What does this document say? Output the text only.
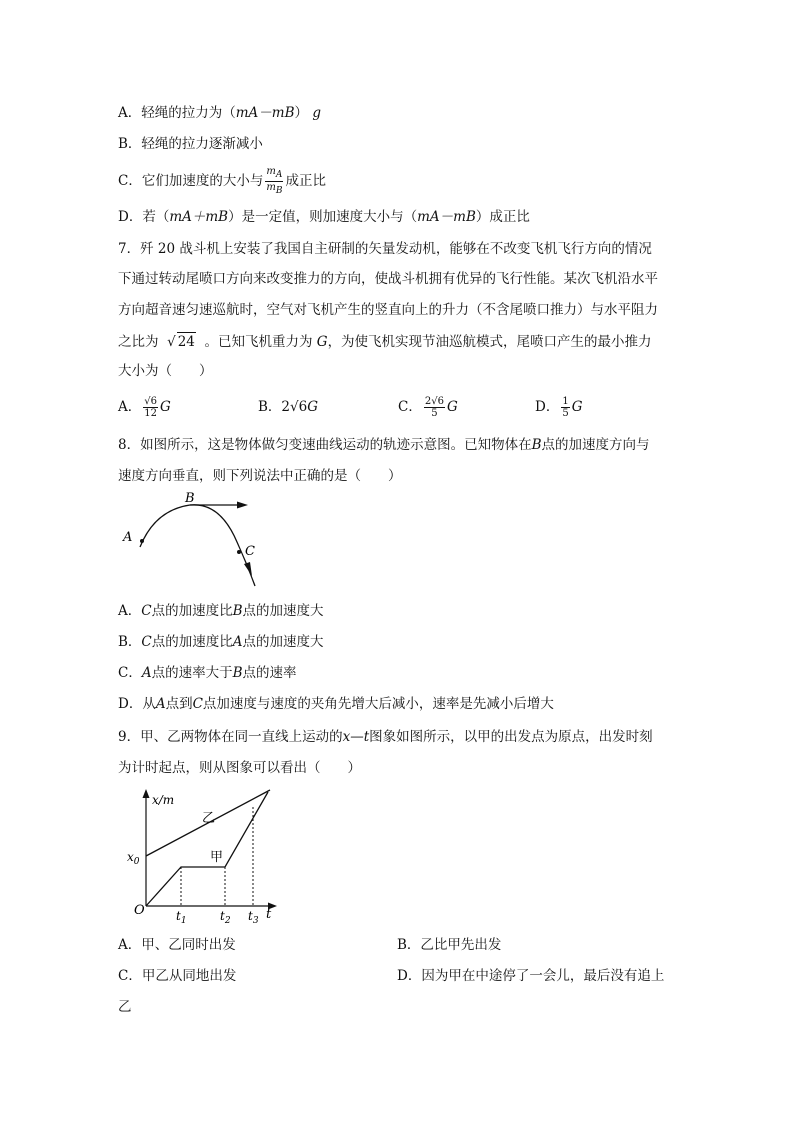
A．轻绳的拉力为（mA－mB） g
B．轻绳的拉力逐渐减小
C．它们加速度的大小与 $\frac{mA}{mB}$ 成正比
D．若（mA＋mB）是一定值，则加速度大小与（mA－mB）成正比
7．歼 20 战斗机上安装了我国自主研制的矢量发动机，能够在不改变飞机飞行方向的情况
下通过转动尾喷口方向来改变推力的方向，使战斗机拥有优异的飞行性能。某次飞机沿水平
方向超音速匀速巡航时，空气对飞机产生的竖直向上的升力（不含尾喷口推力）与水平阻力
之比为  √ 24 。已知飞机重力为 G，为使飞机实现节油巡航模式，尾喷口产生的最小推力
大小为（　　）
A． $\frac{√6}{12}$ G	B．2√6G	C． $\frac{2√6}{5}$ G	D． $\frac{1}{5}$ G
8．如图所示，这是物体做匀变速曲线运动的轨迹示意图。已知物体在B点的加速度方向与
速度方向垂直，则下列说法中正确的是（　　）
A
B
C
A．C点的加速度比B点的加速度大
B．C点的加速度比A点的加速度大
C．A点的速率大于B点的速率
D．从A点到C点加速度与速度的夹角先增大后减小，速率是先减小后增大
9．甲、乙两物体在同一直线上运动的x—t图象如图所示，以甲的出发点为原点，出发时刻
为计时起点，则从图象可以看出（　　）
x/m
乙
甲
$x_0$
O	$t_1$	$t_2$ $t_3$ t
A．甲、乙同时出发	B．乙比甲先出发
C．甲乙从同地出发	D．因为甲在中途停了一会儿，最后没有追上
乙
